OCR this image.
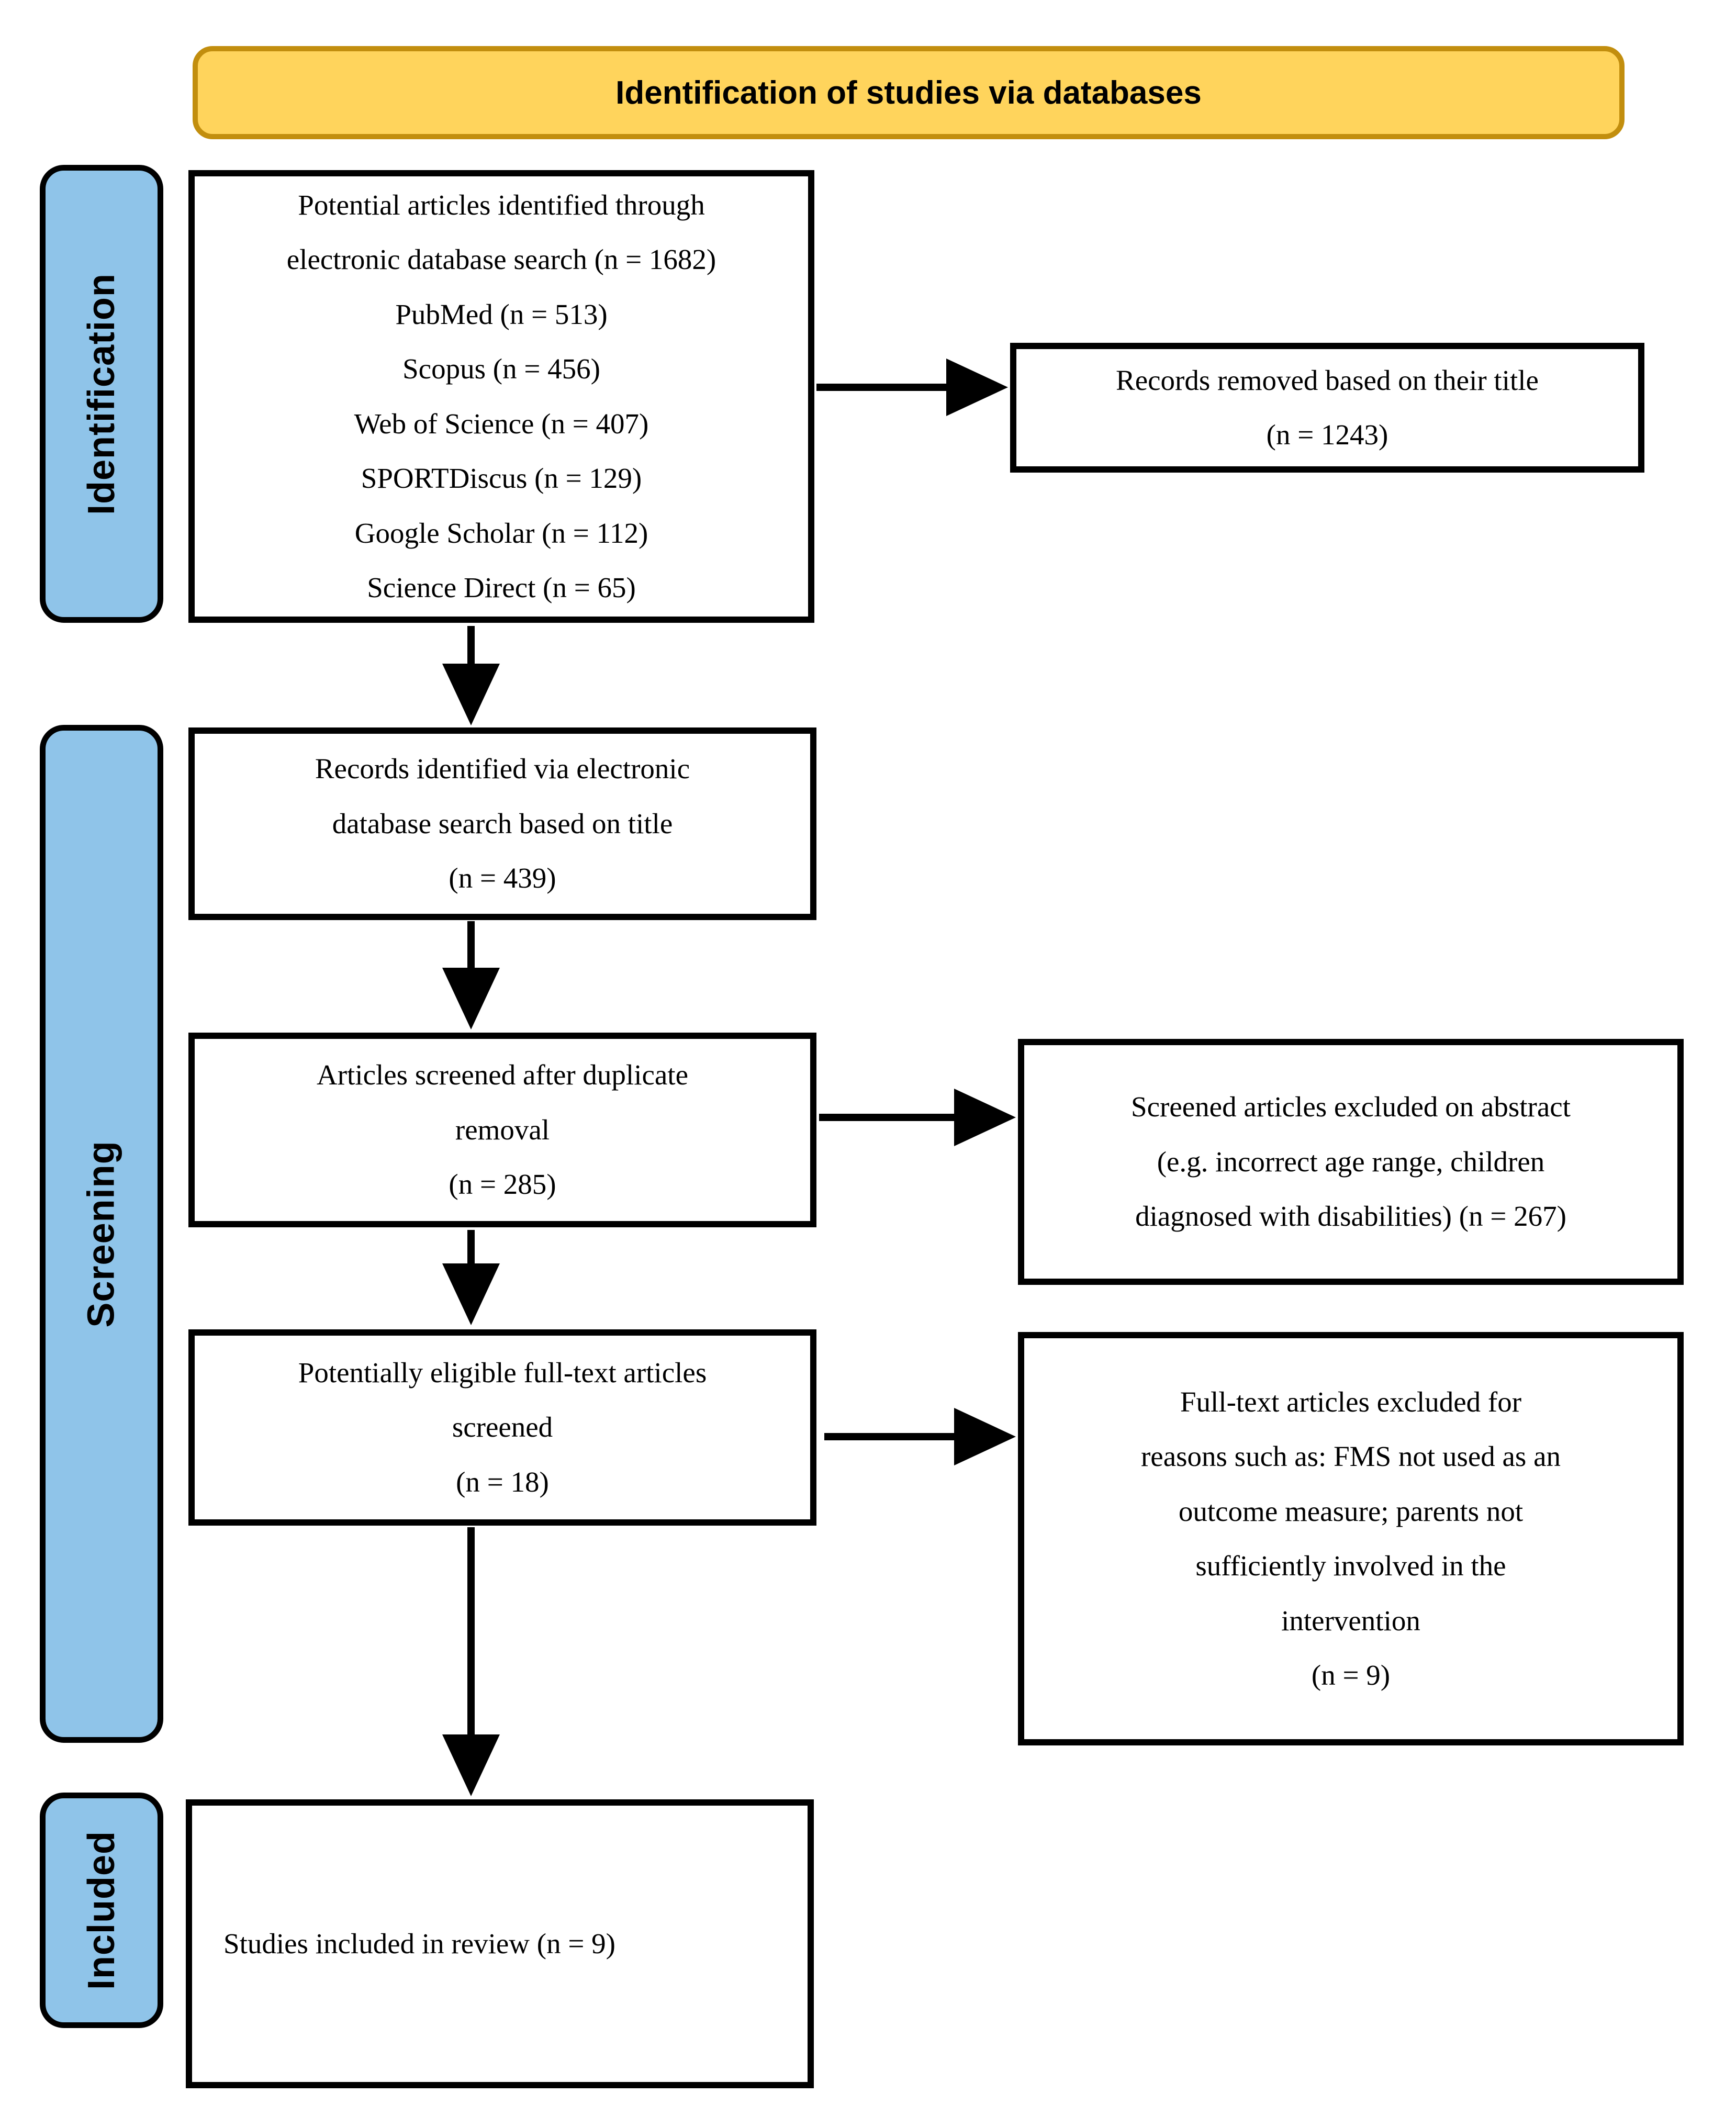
Identification of studies via databases
Identification
Screening
Included
Potential articles identified through
electronic database search (n = 1682)
PubMed (n = 513)
Scopus (n = 456)
Web of Science (n = 407)
SPORTDiscus (n = 129)
Google Scholar (n = 112)
Science Direct (n = 65)
Records identified via electronic
database search based on title
(n = 439)
Articles screened after duplicate
removal
(n = 285)
Potentially eligible full-text articles
screened
(n = 18)
Studies included in review (n = 9)
Records removed based on their title
(n = 1243)
Screened articles excluded on abstract
(e.g. incorrect age range, children
diagnosed with disabilities) (n = 267)
Full-text articles excluded for
reasons such as: FMS not used as an
outcome measure; parents not
sufficiently involved in the
intervention
(n = 9)
